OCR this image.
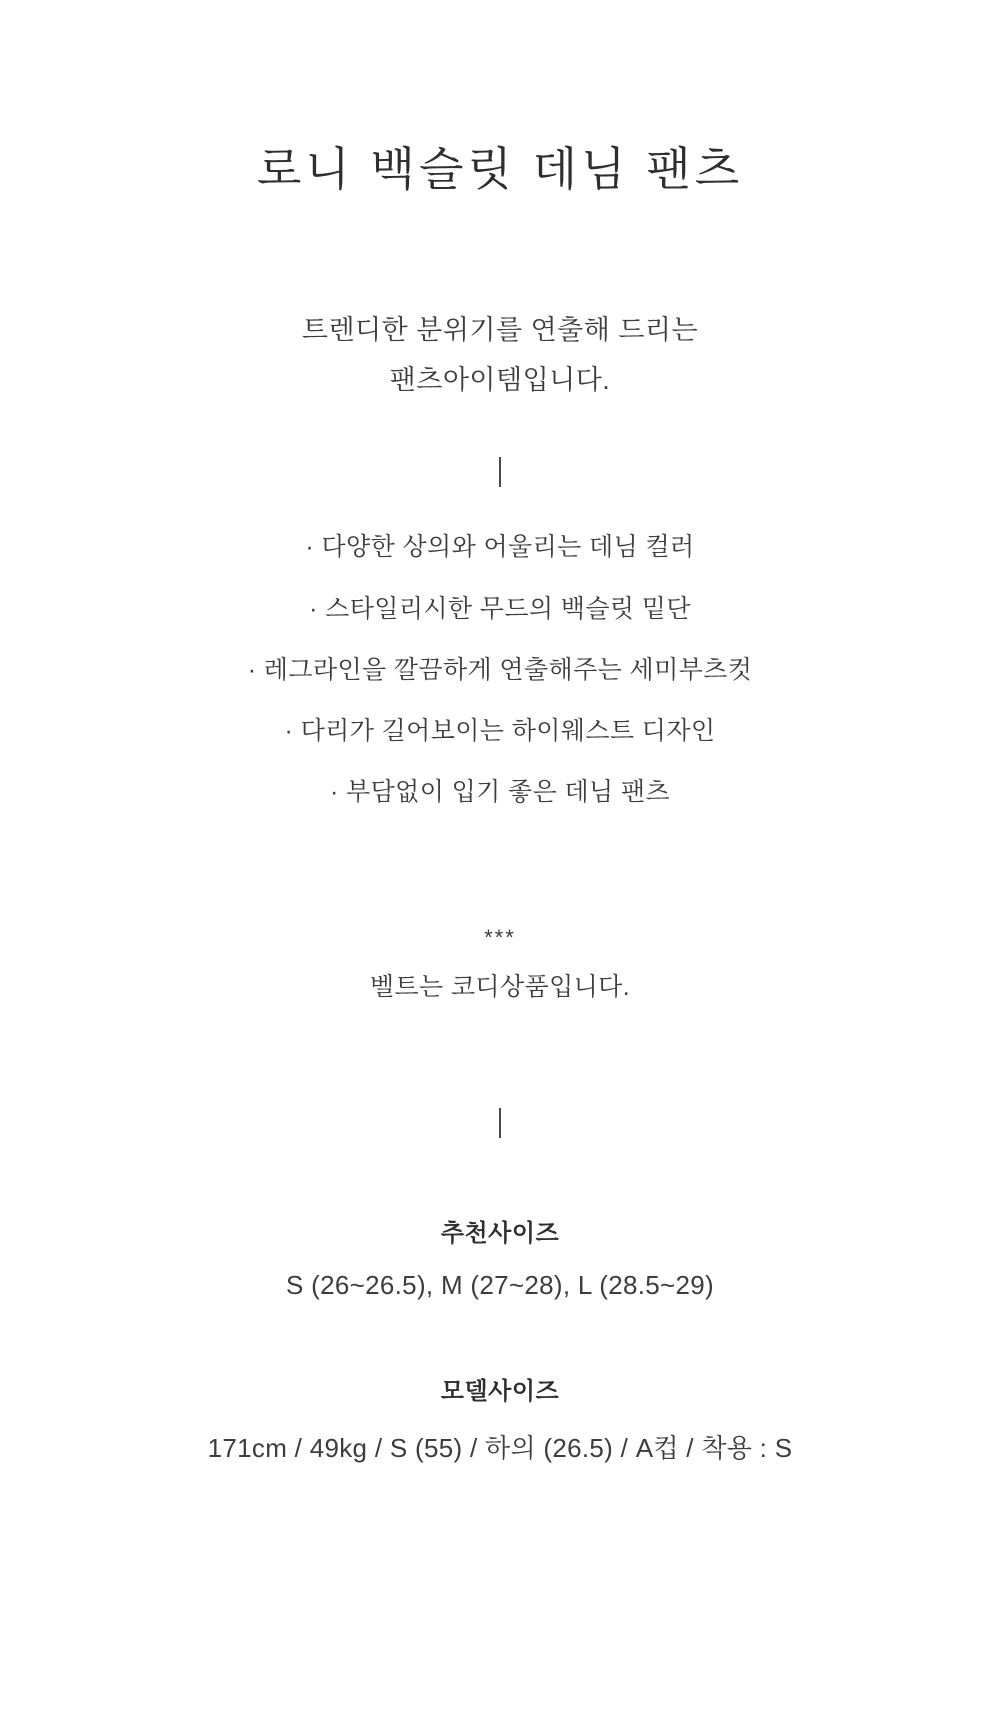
로니 백슬릿 데님 팬츠
트렌디한 분위기를 연출해 드리는
팬츠아이템입니다.
· 다양한 상의와 어울리는 데님 컬러
· 스타일리시한 무드의 백슬릿 밑단
· 레그라인을 깔끔하게 연출해주는 세미부츠컷
· 다리가 길어보이는 하이웨스트 디자인
· 부담없이 입기 좋은 데님 팬츠
***
벨트는 코디상품입니다.
추천사이즈
S (26~26.5), M (27~28), L (28.5~29)
모델사이즈
171cm / 49kg / S (55) / 하의 (26.5) / A컵 / 착용 : S
